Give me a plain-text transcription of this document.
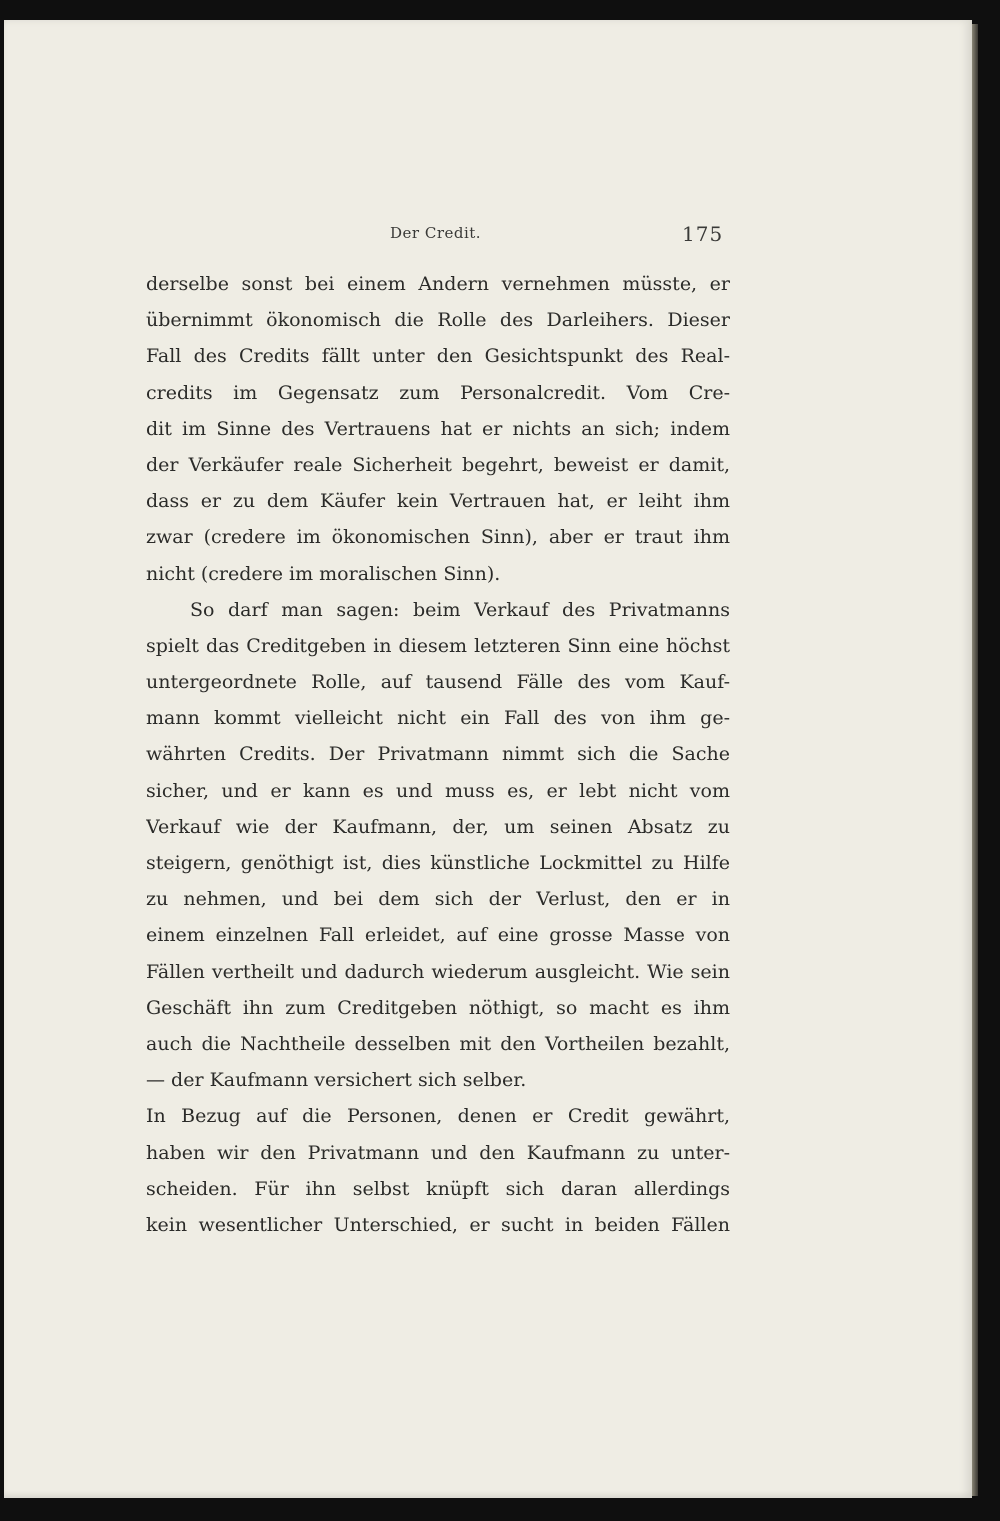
Der Credit.	175
derselbe sonst bei einem Andern vernehmen müsste, er
übernimmt ökonomisch die Rolle des Darleihers. Dieser
Fall des Credits fällt unter den Gesichtspunkt des Real-
credits im Gegensatz zum Personalcredit. Vom Cre-
dit im Sinne des Vertrauens hat er nichts an sich; indem
der Verkäufer reale Sicherheit begehrt, beweist er damit,
dass er zu dem Käufer kein Vertrauen hat, er leiht ihm
zwar (credere im ökonomischen Sinn), aber er traut ihm
nicht (credere im moralischen Sinn).
So darf man sagen: beim Verkauf des Privatmanns
spielt das Creditgeben in diesem letzteren Sinn eine höchst
untergeordnete Rolle, auf tausend Fälle des vom Kauf-
mann kommt vielleicht nicht ein Fall des von ihm ge-
währten Credits. Der Privatmann nimmt sich die Sache
sicher, und er kann es und muss es, er lebt nicht vom
Verkauf wie der Kaufmann, der, um seinen Absatz zu
steigern, genöthigt ist, dies künstliche Lockmittel zu Hilfe
zu nehmen, und bei dem sich der Verlust, den er in
einem einzelnen Fall erleidet, auf eine grosse Masse von
Fällen vertheilt und dadurch wiederum ausgleicht. Wie sein
Geschäft ihn zum Creditgeben nöthigt, so macht es ihm
auch die Nachtheile desselben mit den Vortheilen bezahlt,
— der Kaufmann versichert sich selber.
In Bezug auf die Personen, denen er Credit gewährt,
haben wir den Privatmann und den Kaufmann zu unter-
scheiden. Für ihn selbst knüpft sich daran allerdings
kein wesentlicher Unterschied, er sucht in beiden Fällen
